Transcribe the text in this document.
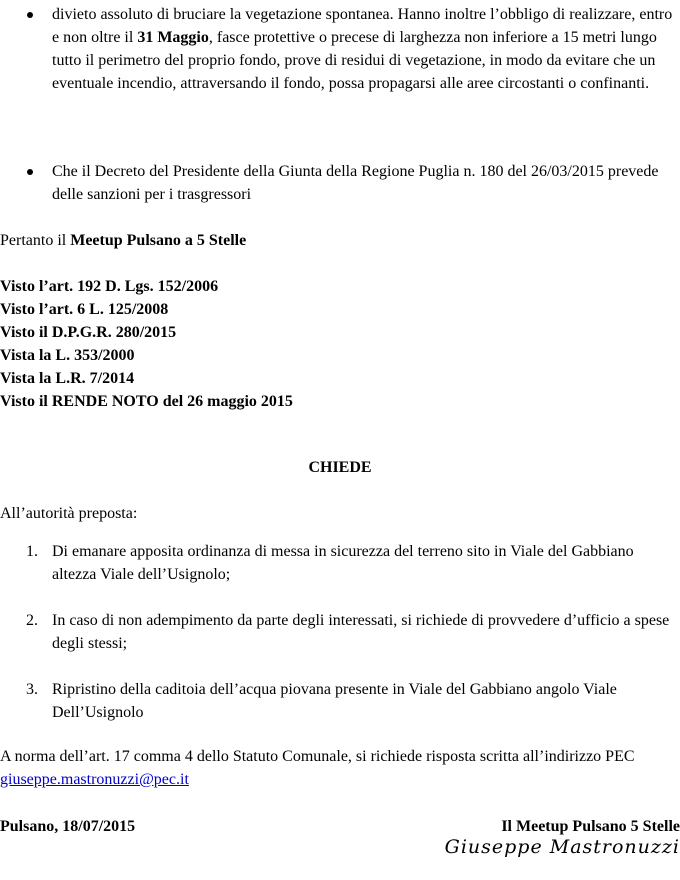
divieto assoluto di bruciare la vegetazione spontanea. Hanno inoltre l’obbligo di realizzare, entro e non oltre il 31 Maggio, fasce protettive o precese di larghezza non inferiore a 15 metri lungo tutto il perimetro del proprio fondo, prove di residui di vegetazione, in modo da evitare che un eventuale incendio, attraversando il fondo, possa propagarsi alle aree circostanti o confinanti.
Che il Decreto del Presidente della Giunta della Regione Puglia n. 180 del 26/03/2015 prevede delle sanzioni per i trasgressori
Pertanto il Meetup Pulsano a 5 Stelle
Visto l’art. 192 D. Lgs. 152/2006
Visto l’art. 6 L. 125/2008
Visto il D.P.G.R. 280/2015
Vista la L. 353/2000
Vista la L.R. 7/2014
Visto il RENDE NOTO del 26 maggio 2015
CHIEDE
All’autorità preposta:
1. Di emanare apposita ordinanza di messa in sicurezza del terreno sito in Viale del Gabbiano altezza Viale dell’Usignolo;
2. In caso di non adempimento da parte degli interessati, si richiede di provvedere d’ufficio a spese degli stessi;
3. Ripristino della caditoia dell’acqua piovana presente in Viale del Gabbiano angolo Viale Dell’Usignolo
A norma dell’art. 17 comma 4 dello Statuto Comunale, si richiede risposta scritta all’indirizzo PEC giuseppe.mastronuzzi@pec.it
Pulsano, 18/07/2015	Il Meetup Pulsano 5 Stelle
Giuseppe Mastronuzzi
